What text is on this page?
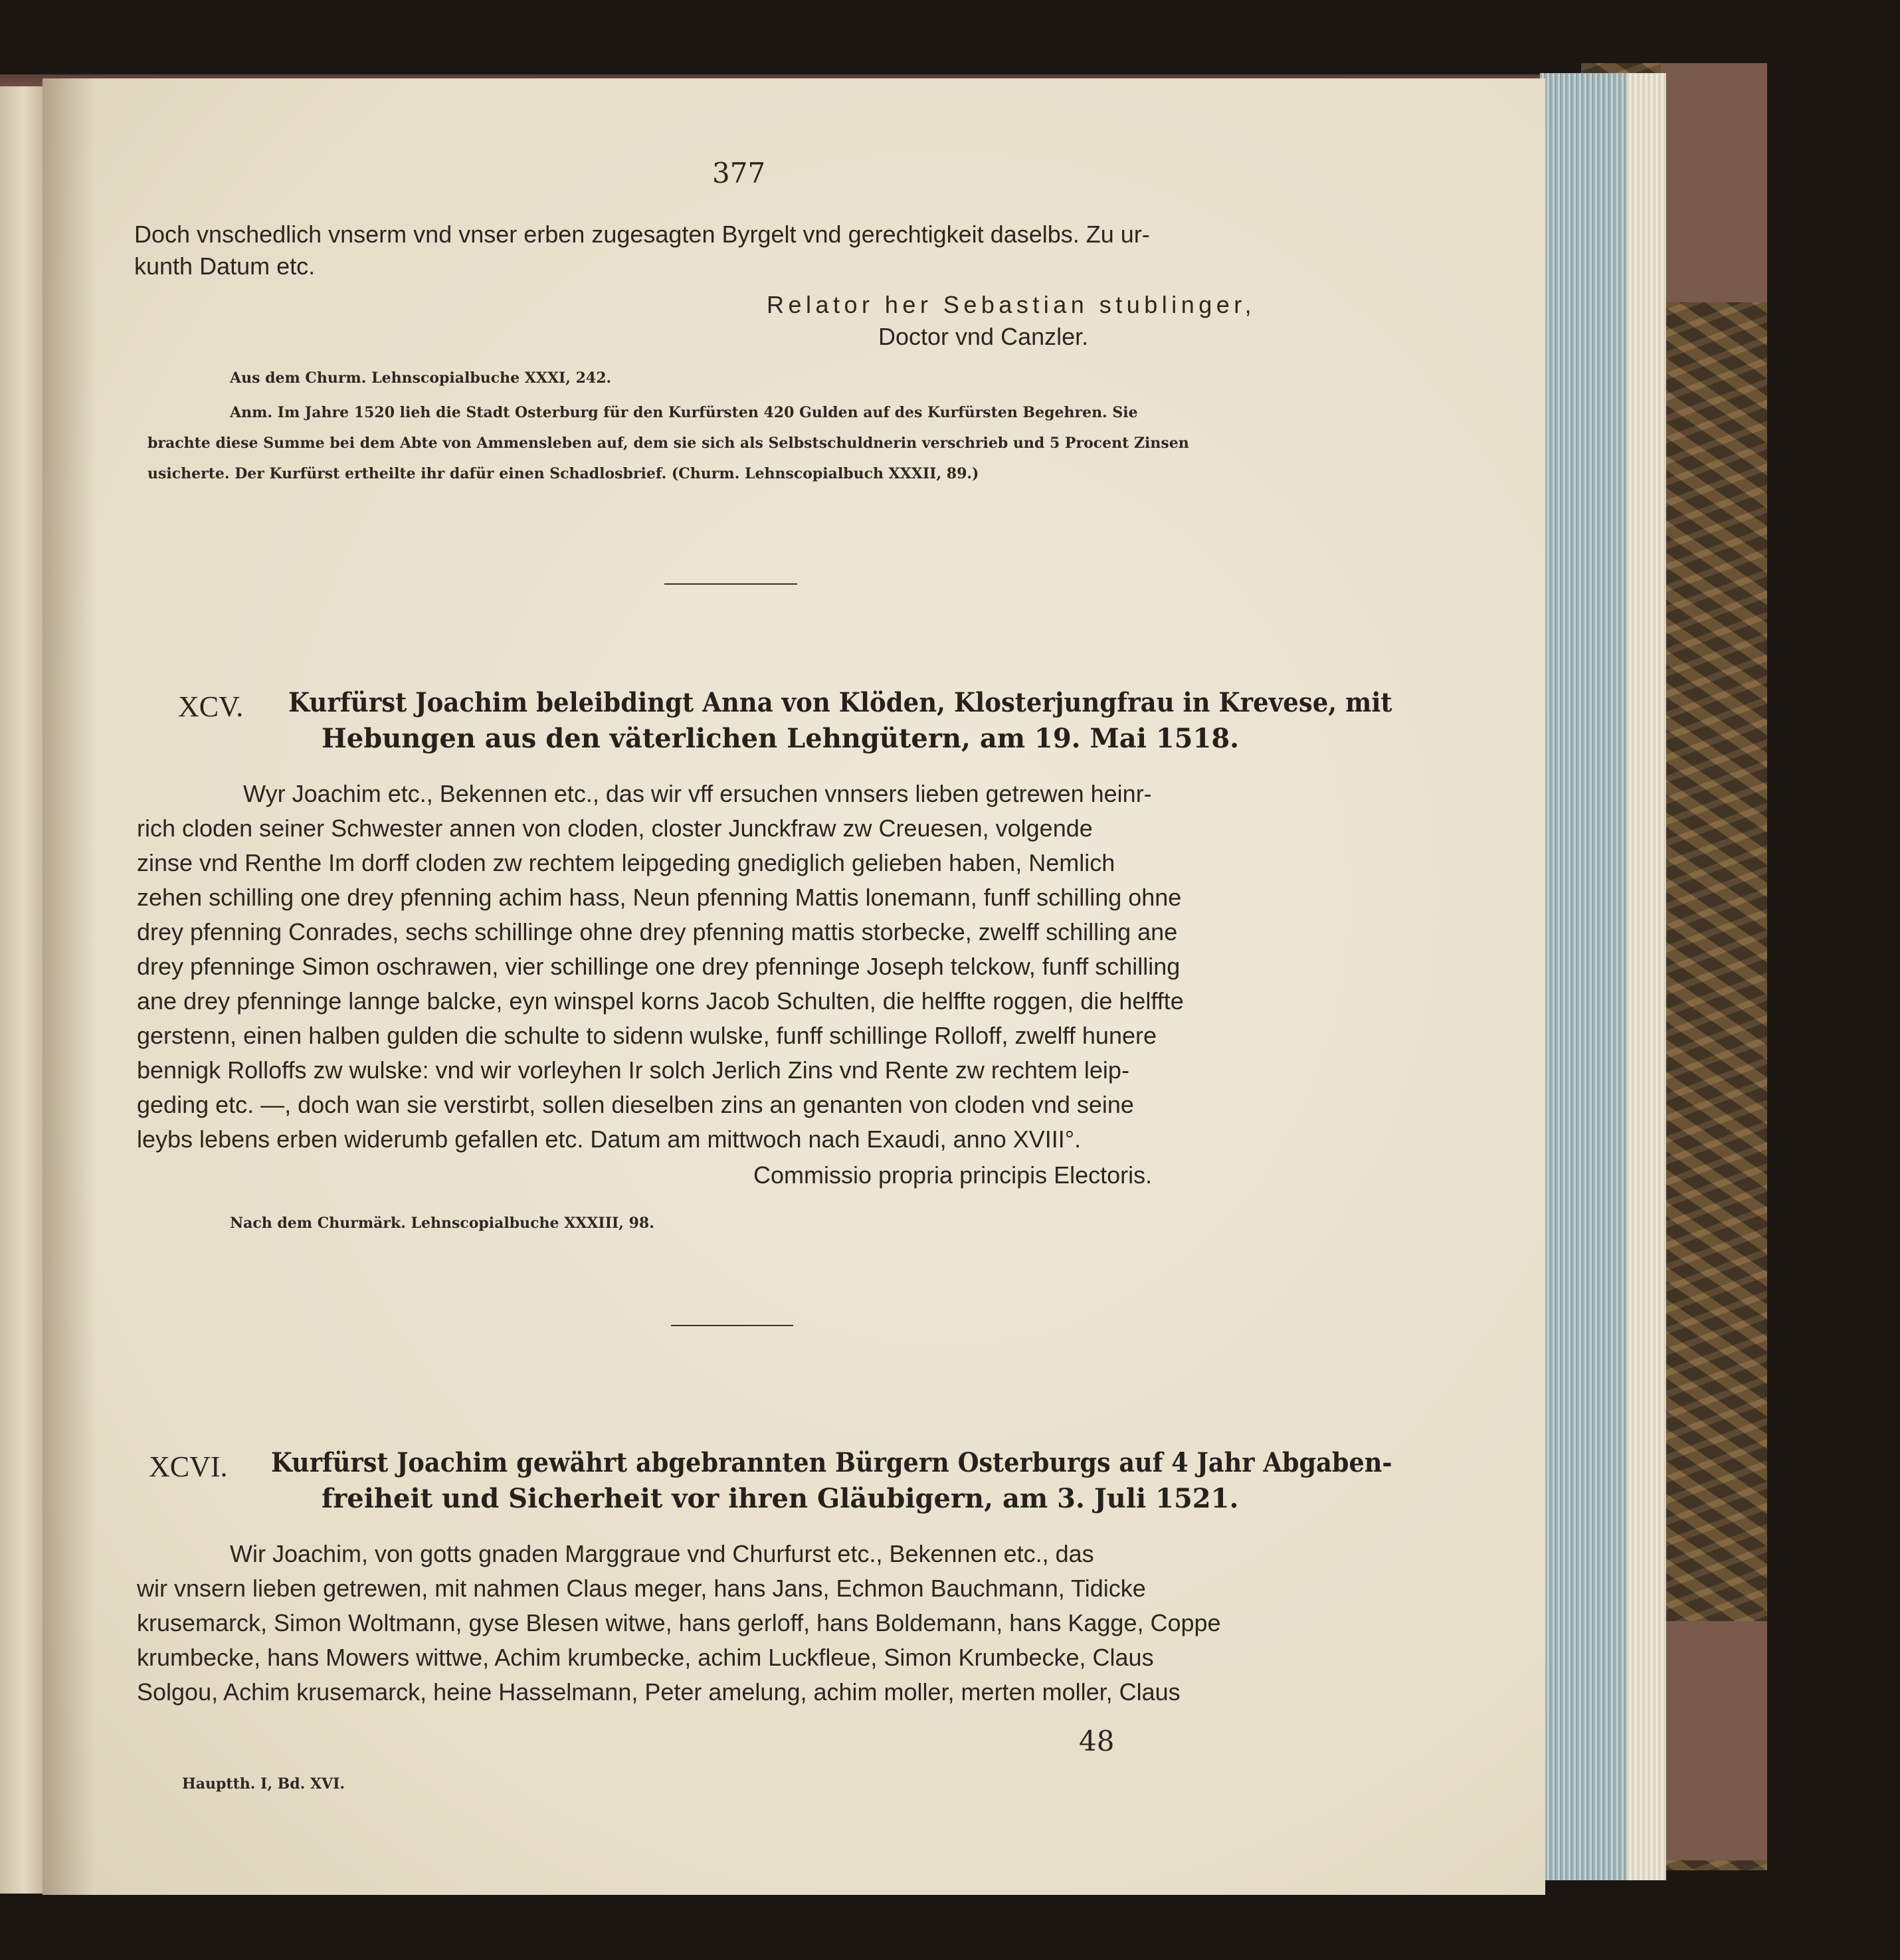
377
Doch vnschedlich vnserm vnd vnser erben zugesagten Byrgelt vnd gerechtigkeit daselbs. Zu ur-
kunth Datum etc.
Relator her Sebastian stublinger,
Doctor vnd Canzler.
Aus dem Churm. Lehnscopialbuche XXXI, 242.
Anm. Im Jahre 1520 lieh die Stadt Osterburg für den Kurfürsten 420 Gulden auf des Kurfürsten Begehren. Sie
brachte diese Summe bei dem Abte von Ammensleben auf, dem sie sich als Selbstschuldnerin verschrieb und 5 Procent Zinsen
usicherte. Der Kurfürst ertheilte ihr dafür einen Schadlosbrief. (Churm. Lehnscopialbuch XXXII, 89.)
XCV. Kurfürst Joachim beleibdingt Anna von Klöden, Klosterjungfrau in Krevese, mit
Hebungen aus den väterlichen Lehngütern, am 19. Mai 1518.
Wyr Joachim etc., Bekennen etc., das wir vff ersuchen vnnsers lieben getrewen heinr-
rich cloden seiner Schwester annen von cloden, closter Junckfraw zw Creuesen, volgende
zinse vnd Renthe Im dorff cloden zw rechtem leipgeding gnediglich gelieben haben, Nemlich
zehen schilling one drey pfenning achim hass, Neun pfenning Mattis lonemann, funff schilling ohne
drey pfenning Conrades, sechs schillinge ohne drey pfenning mattis storbecke, zwelff schilling ane
drey pfenninge Simon oschrawen, vier schillinge one drey pfenninge Joseph telckow, funff schilling
ane drey pfenninge lannge balcke, eyn winspel korns Jacob Schulten, die helffte roggen, die helffte
gerstenn, einen halben gulden die schulte to sidenn wulske, funff schillinge Rolloff, zwelff hunere
bennigk Rolloffs zw wulske: vnd wir vorleyhen Ir solch Jerlich Zins vnd Rente zw rechtem leip-
geding etc. —, doch wan sie verstirbt, sollen dieselben zins an genanten von cloden vnd seine
leybs lebens erben widerumb gefallen etc. Datum am mittwoch nach Exaudi, anno XVIII°.
Commissio propria principis Electoris.
Nach dem Churmärk. Lehnscopialbuche XXXIII, 98.
XCVI. Kurfürst Joachim gewährt abgebrannten Bürgern Osterburgs auf 4 Jahr Abgaben-
freiheit und Sicherheit vor ihren Gläubigern, am 3. Juli 1521.
Wir Joachim, von gotts gnaden Marggraue vnd Churfurst etc., Bekennen etc., das
wir vnsern lieben getrewen, mit nahmen Claus meger, hans Jans, Echmon Bauchmann, Tidicke
krusemarck, Simon Woltmann, gyse Blesen witwe, hans gerloff, hans Boldemann, hans Kagge, Coppe
krumbecke, hans Mowers wittwe, Achim krumbecke, achim Luckfleue, Simon Krumbecke, Claus
Solgou, Achim krusemarck, heine Hasselmann, Peter amelung, achim moller, merten moller, Claus
48
Hauptth. I, Bd. XVI.
